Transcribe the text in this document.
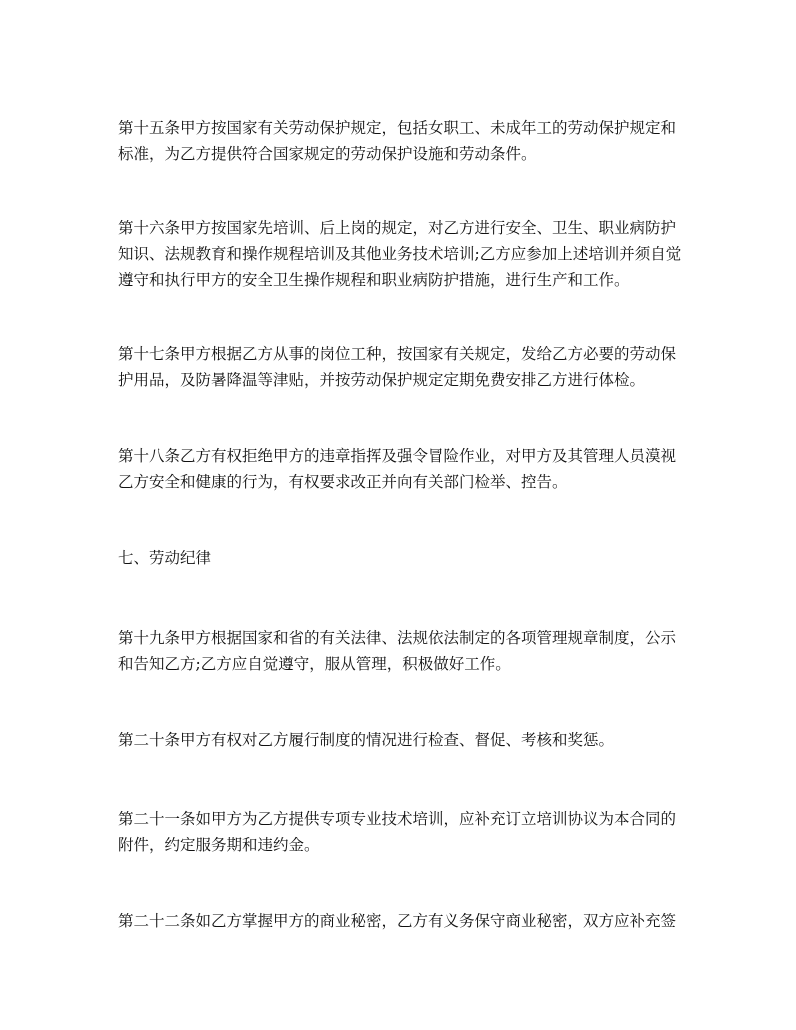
第十五条甲方按国家有关劳动保护规定，包括女职工、未成年工的劳动保护规定和标准，为乙方提供符合国家规定的劳动保护设施和劳动条件。

第十六条甲方按国家先培训、后上岗的规定，对乙方进行安全、卫生、职业病防护知识、法规教育和操作规程培训及其他业务技术培训;乙方应参加上述培训并须自觉遵守和执行甲方的安全卫生操作规程和职业病防护措施，进行生产和工作。

第十七条甲方根据乙方从事的岗位工种，按国家有关规定，发给乙方必要的劳动保护用品，及防暑降温等津贴，并按劳动保护规定定期免费安排乙方进行体检。

第十八条乙方有权拒绝甲方的违章指挥及强令冒险作业，对甲方及其管理人员漠视乙方安全和健康的行为，有权要求改正并向有关部门检举、控告。

七、劳动纪律

第十九条甲方根据国家和省的有关法律、法规依法制定的各项管理规章制度，公示和告知乙方;乙方应自觉遵守，服从管理，积极做好工作。

第二十条甲方有权对乙方履行制度的情况进行检查、督促、考核和奖惩。

第二十一条如甲方为乙方提供专项专业技术培训，应补充订立培训协议为本合同的附件，约定服务期和违约金。

第二十二条如乙方掌握甲方的商业秘密，乙方有义务保守商业秘密，双方应补充签
